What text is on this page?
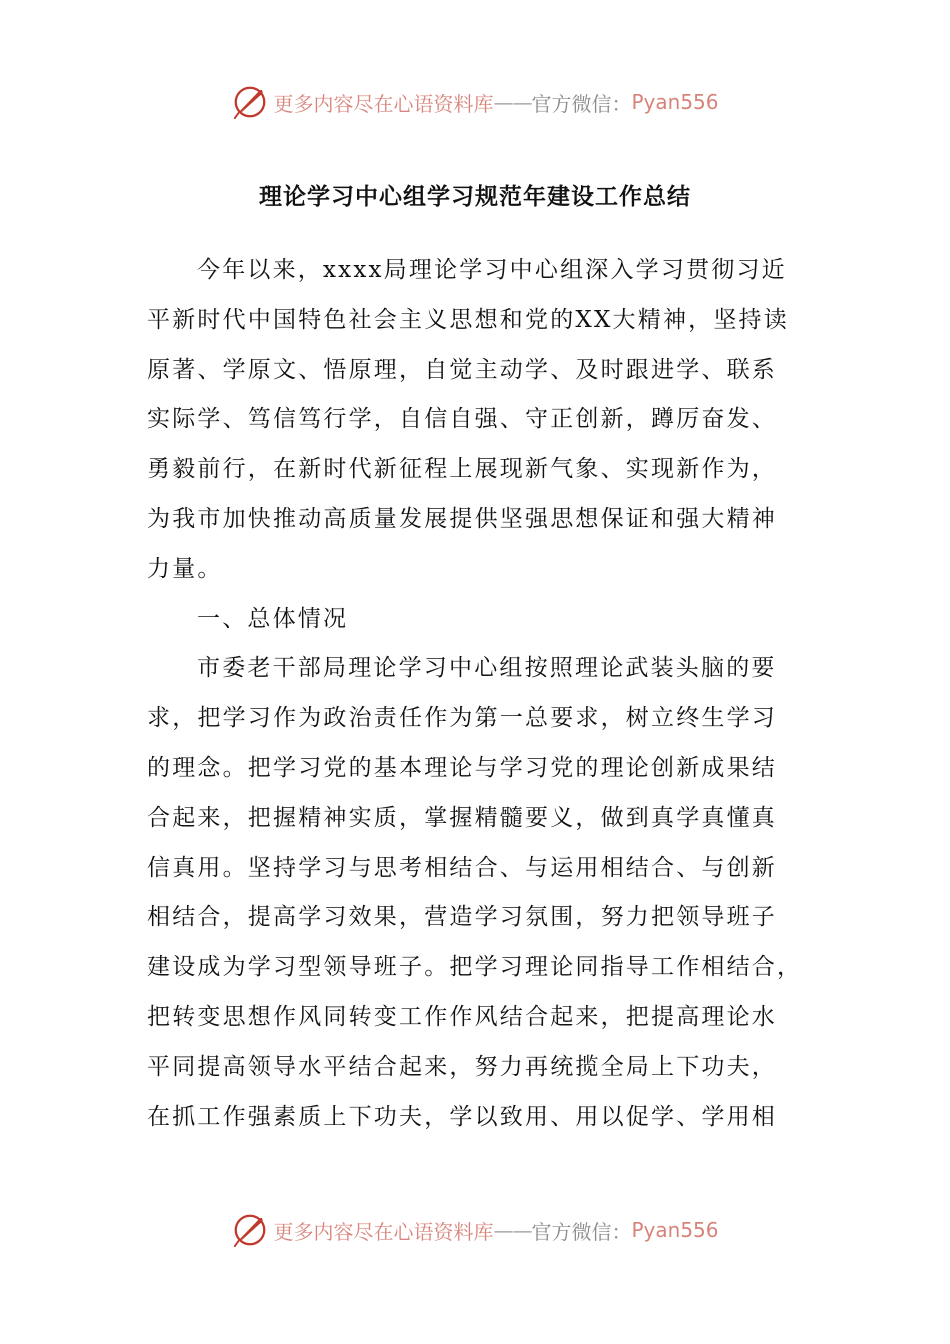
更多内容尽在心语资料库 —— 官方微信： Pyan556
理论学习中心组学习规范年建设工作总结
今年以来，xxxx局理论学习中心组深入学习贯彻习近
平新时代中国特色社会主义思想和党的XX大精神，坚持读
原著、学原文、悟原理，自觉主动学、及时跟进学、联系
实际学、笃信笃行学，自信自强、守正创新，蹲厉奋发、
勇毅前行，在新时代新征程上展现新气象、实现新作为，
为我市加快推动高质量发展提供坚强思想保证和强大精神
力量。
一、总体情况
市委老干部局理论学习中心组按照理论武装头脑的要
求，把学习作为政治责任作为第一总要求，树立终生学习
的理念。把学习党的基本理论与学习党的理论创新成果结
合起来，把握精神实质，掌握精髓要义，做到真学真懂真
信真用。坚持学习与思考相结合、与运用相结合、与创新
相结合，提高学习效果，营造学习氛围，努力把领导班子
建设成为学习型领导班子。把学习理论同指导工作相结合，
把转变思想作风同转变工作作风结合起来，把提高理论水
平同提高领导水平结合起来，努力再统揽全局上下功夫，
在抓工作强素质上下功夫，学以致用、用以促学、学用相
更多内容尽在心语资料库 —— 官方微信： Pyan556
